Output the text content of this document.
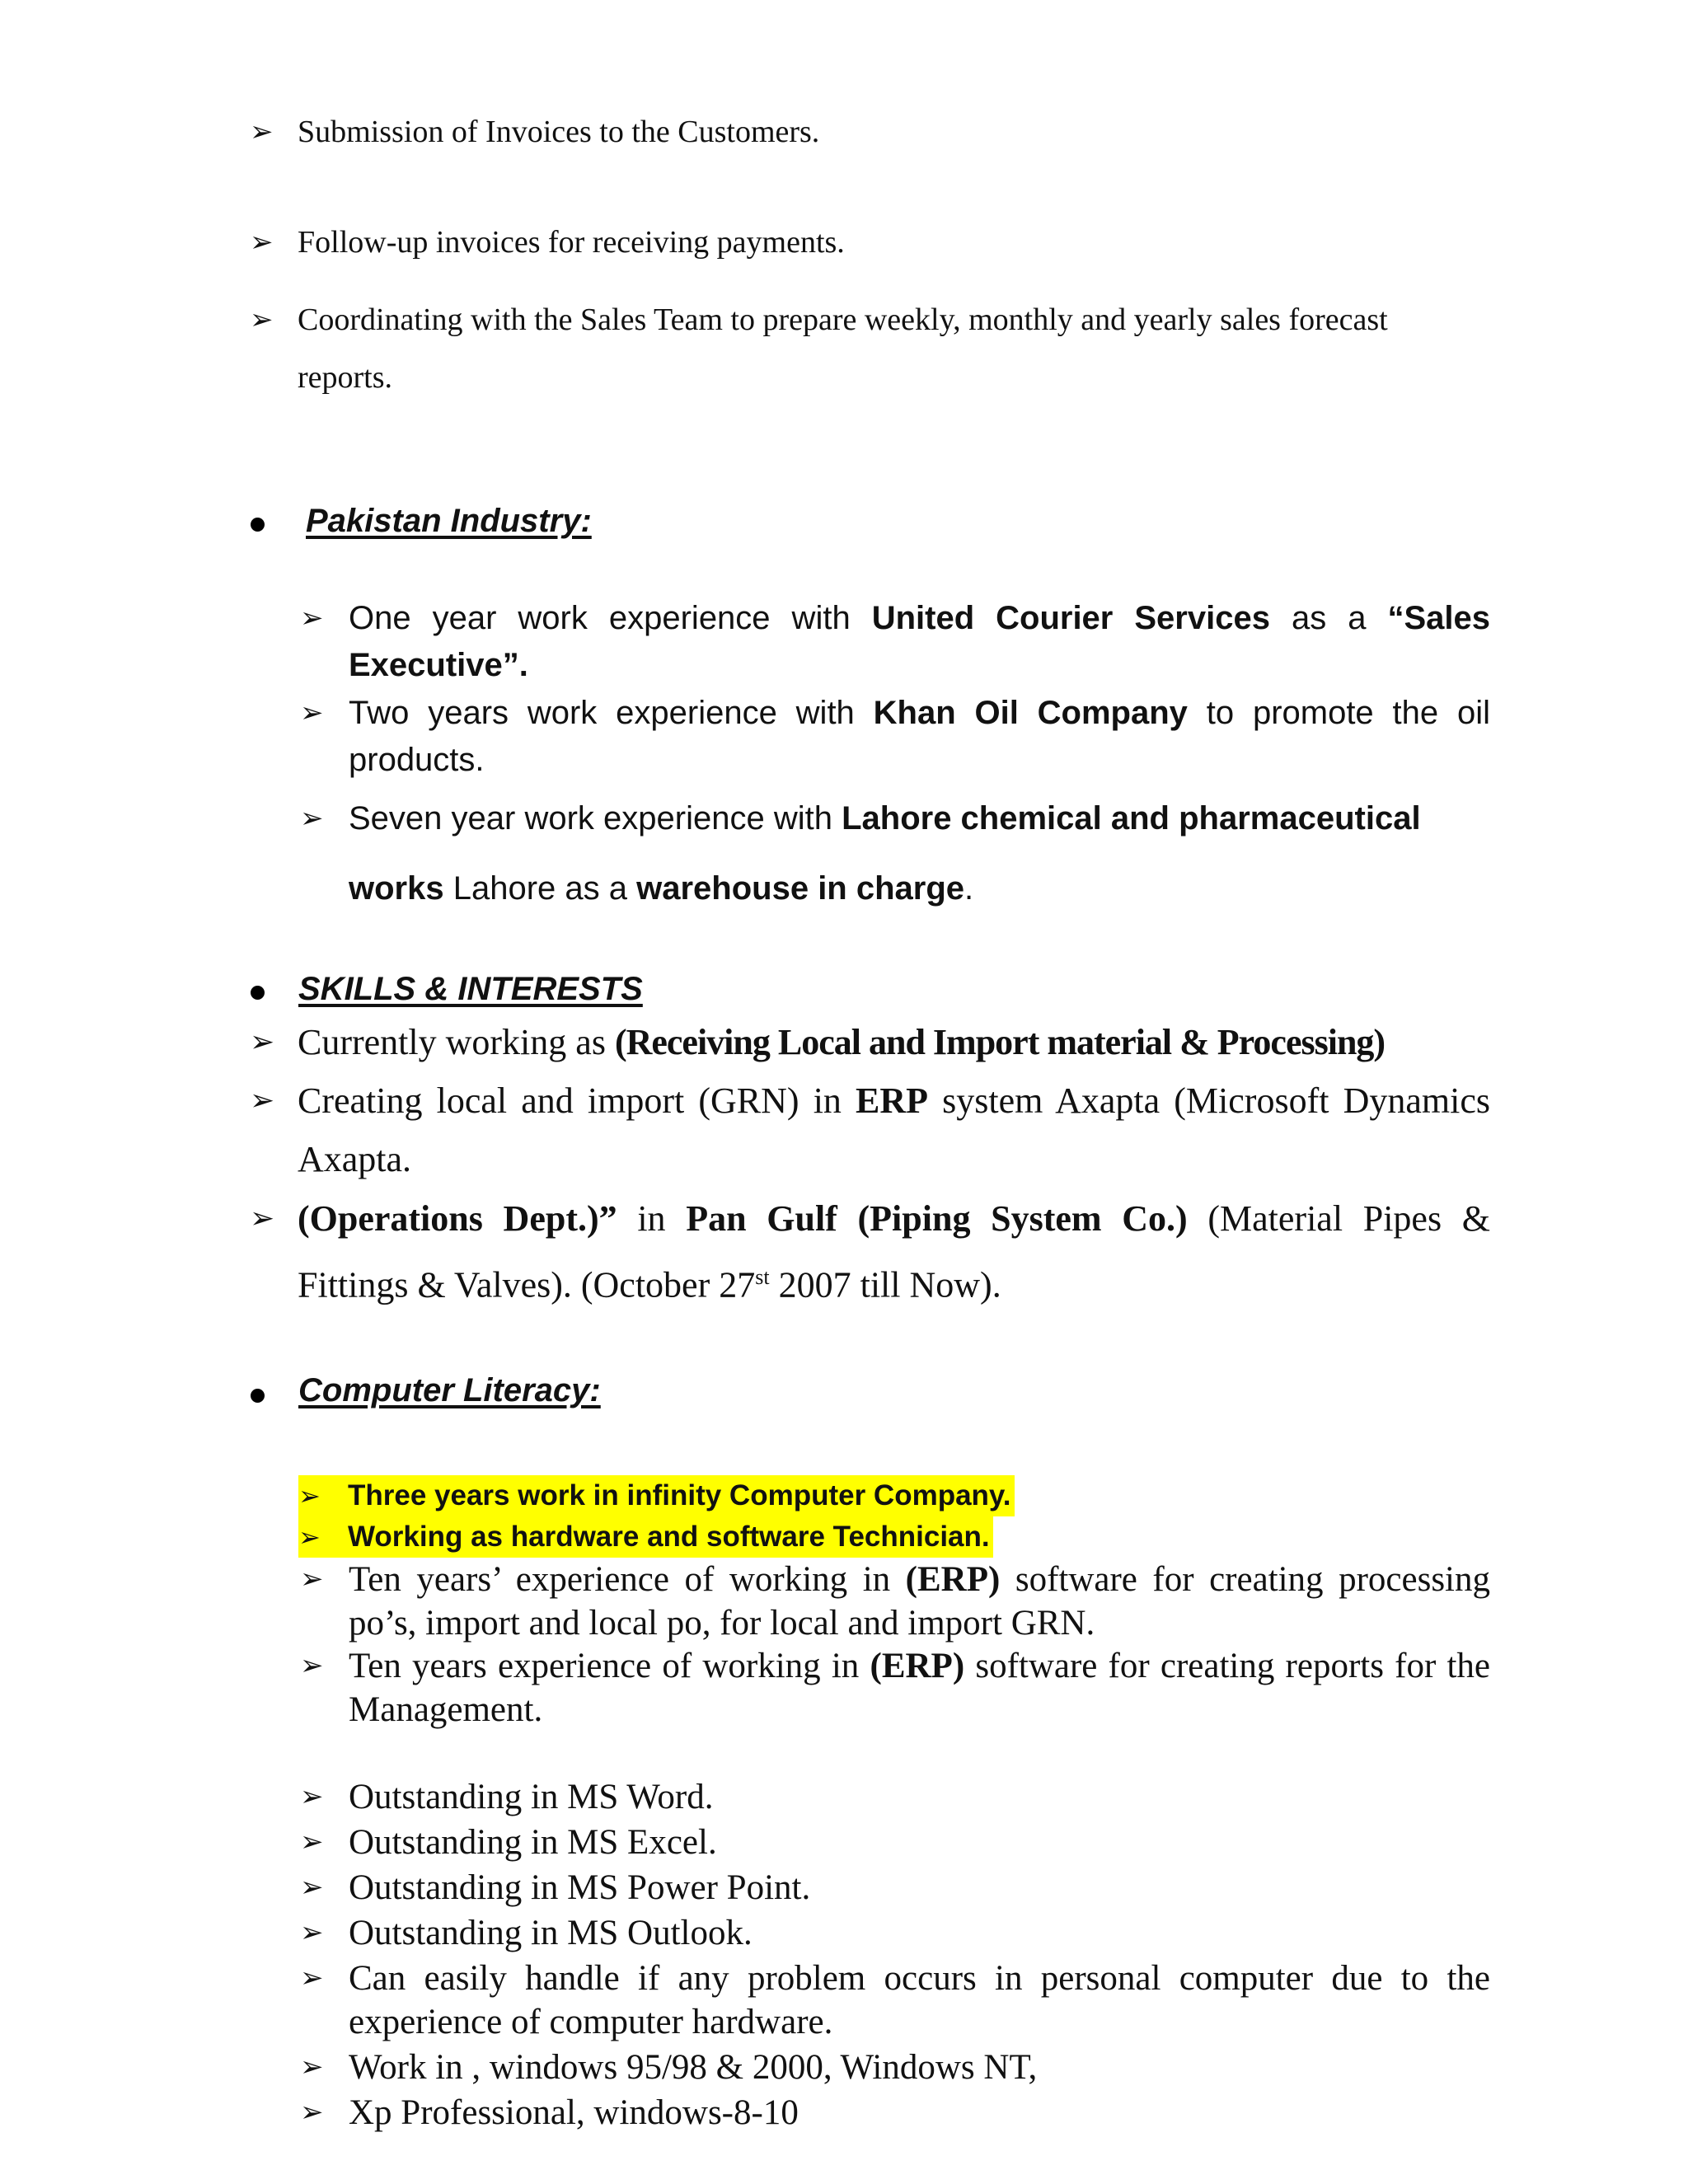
➢ Submission of Invoices to the Customers.
➢ Follow-up invoices for receiving payments.
➢ Coordinating with the Sales Team to prepare weekly, monthly and yearly sales forecast reports.
Pakistan Industry:
➢ One year work experience with United Courier Services as a “Sales Executive”.
➢ Two years work experience with Khan Oil Company to promote the oil products.
➢ Seven year work experience with Lahore chemical and pharmaceutical works Lahore as a warehouse in charge.
SKILLS & INTERESTS
➢ Currently working as (Receiving Local and Import material & Processing)
➢ Creating local and import (GRN) in ERP system Axapta (Microsoft Dynamics Axapta.
➢ (Operations Dept.)” in Pan Gulf (Piping System Co.) (Material Pipes & Fittings & Valves). (October 27st 2007 till Now).
Computer Literacy:
➢ Three years work in infinity Computer Company.
➢ Working as hardware and software Technician.
➢ Ten years’ experience of working in (ERP) software for creating processing po’s, import and local po, for local and import GRN.
➢ Ten years experience of working in (ERP) software for creating reports for the Management.
➢ Outstanding in MS Word.
➢ Outstanding in MS Excel.
➢ Outstanding in MS Power Point.
➢ Outstanding in MS Outlook.
➢ Can easily handle if any problem occurs in personal computer due to the experience of computer hardware.
➢ Work in , windows 95/98 & 2000, Windows NT,
➢ Xp Professional, windows-8-10
